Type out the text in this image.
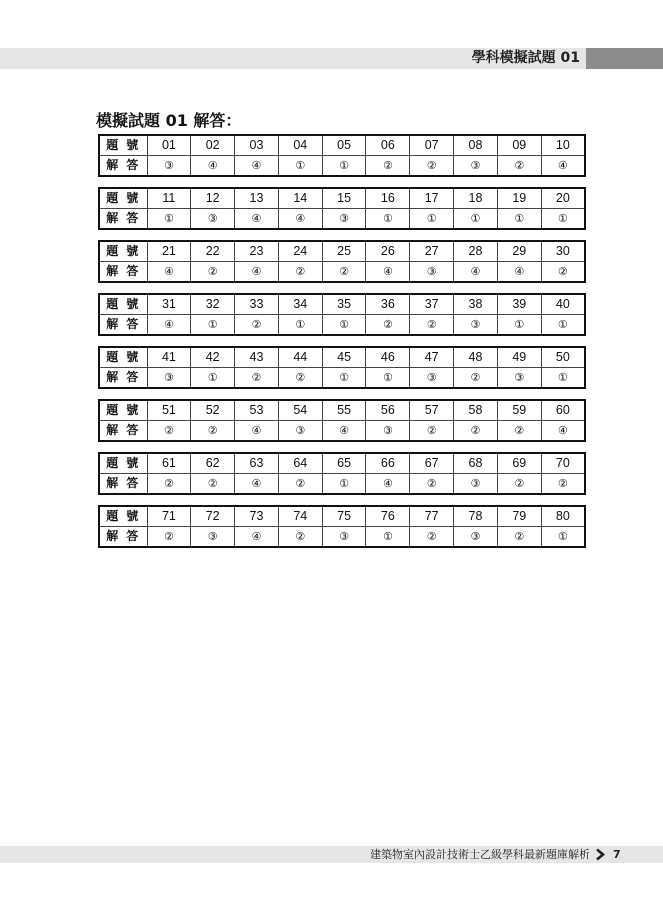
學科模擬試題 01
模擬試題 01 解答：
題號	01	02	03	04	05	06	07	08	09	10
解答	③	④	④	①	①	②	②	③	②	④
題號	11	12	13	14	15	16	17	18	19	20
解答	①	③	④	④	③	①	①	①	①	①
題號	21	22	23	24	25	26	27	28	29	30
解答	④	②	④	②	②	④	③	④	④	②
題號	31	32	33	34	35	36	37	38	39	40
解答	④	①	②	①	①	②	②	③	①	①
題號	41	42	43	44	45	46	47	48	49	50
解答	③	①	②	②	①	①	③	②	③	①
題號	51	52	53	54	55	56	57	58	59	60
解答	②	②	④	③	④	③	②	②	②	④
題號	61	62	63	64	65	66	67	68	69	70
解答	②	②	④	②	①	④	②	③	②	②
題號	71	72	73	74	75	76	77	78	79	80
解答	②	③	④	②	③	①	②	③	②	①
建築物室內設計技術士乙級學科最新題庫解析 7
